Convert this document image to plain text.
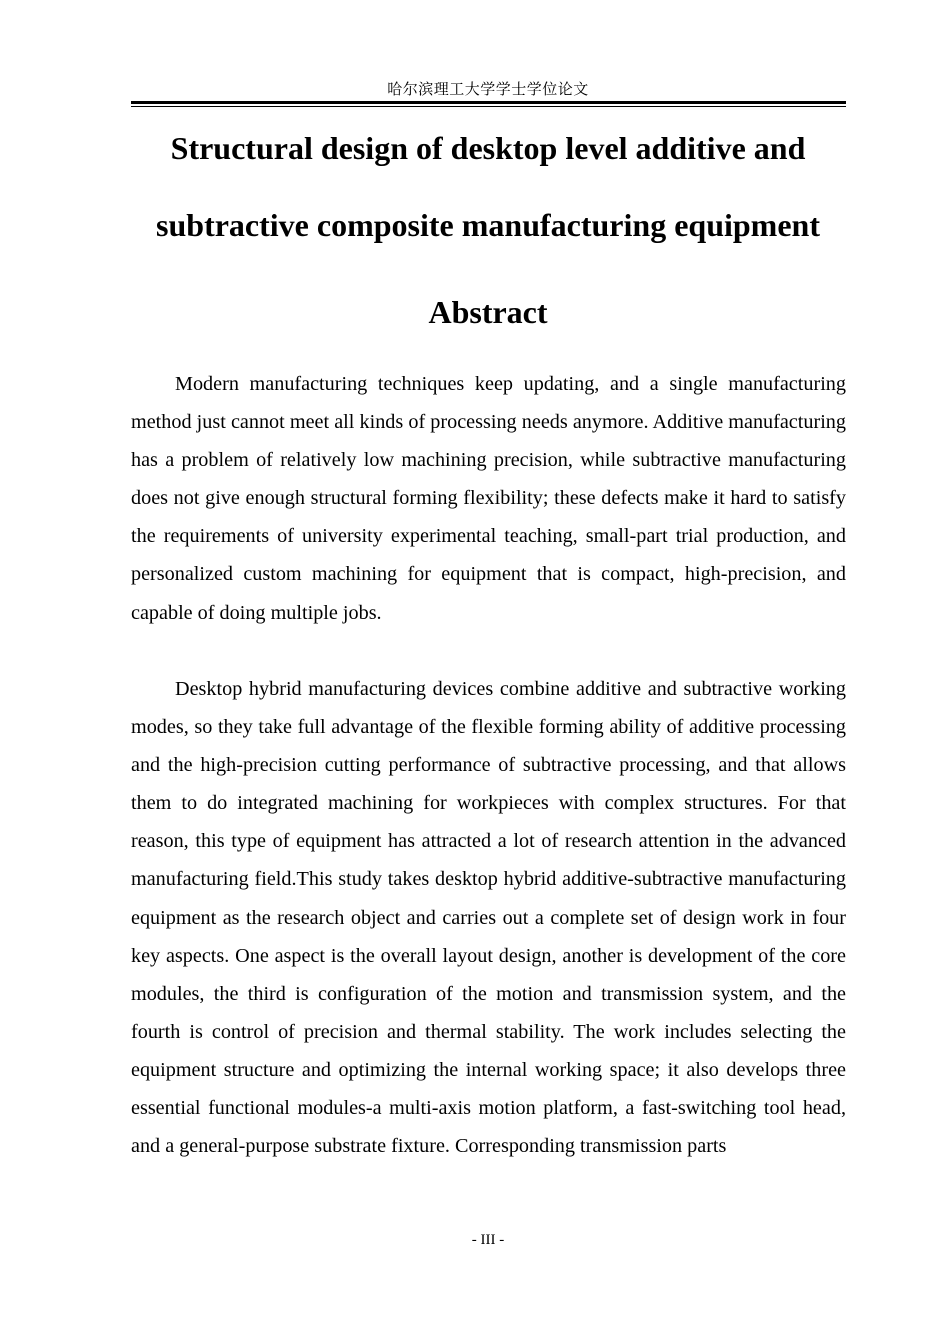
哈尔滨理工大学学士学位论文
Structural design of desktop level additive and
subtractive composite manufacturing equipment
Abstract

Modern manufacturing techniques keep updating, and a single manufacturing method just cannot meet all kinds of processing needs anymore. Additive manufacturing has a problem of relatively low machining precision, while subtractive manufacturing does not give enough structural forming flexibility; these defects make it hard to satisfy the requirements of university experimental teaching, small-part trial production, and personalized custom machining for equipment that is compact, high-precision, and capable of doing multiple jobs.

Desktop hybrid manufacturing devices combine additive and subtractive working modes, so they take full advantage of the flexible forming ability of additive processing and the high-precision cutting performance of subtractive processing, and that allows them to do integrated machining for workpieces with complex structures. For that reason, this type of equipment has attracted a lot of research attention in the advanced manufacturing field.This study takes desktop hybrid additive-subtractive manufacturing equipment as the research object and carries out a complete set of design work in four key aspects. One aspect is the overall layout design, another is development of the core modules, the third is configuration of the motion and transmission system, and the fourth is control of precision and thermal stability. The work includes selecting the equipment structure and optimizing the internal working space; it also develops three essential functional modules-a multi-axis motion platform, a fast-switching tool head, and a general-purpose substrate fixture. Corresponding transmission parts

- III -
